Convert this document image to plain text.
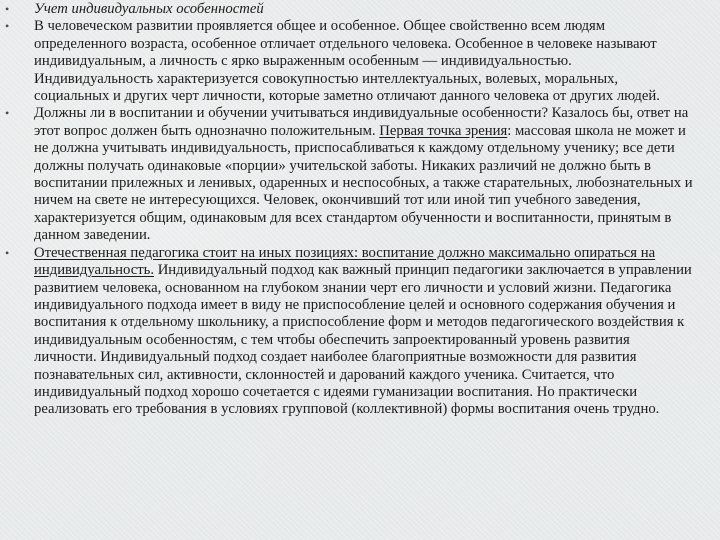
• Учет индивидуальных особенностей
• В человеческом развитии проявляется общее и особенное. Общее свойственно всем людям определенного возраста, особенное отличает отдельного человека. Особенное в человеке называют индивидуальным, а личность с ярко выраженным особенным — индивидуальностью. Индивидуальность характеризуется совокупностью интеллектуальных, волевых, моральных, социальных и других черт личности, которые заметно отличают данного человека от других людей.
• Должны ли в воспитании и обучении учитываться индивидуальные особенности? Казалось бы, ответ на этот вопрос должен быть однозначно положительным. Первая точка зрения: массовая школа не может и не должна учитывать индивидуальность, приспосабливаться к каждому отдельному ученику; все дети должны получать одинаковые «порции» учительской заботы. Никаких различий не должно быть в воспитании прилежных и ленивых, одаренных и неспособных, а также старательных, любознательных и ничем на свете не интересующихся. Человек, окончивший тот или иной тип учебного заведения, характеризуется общим, одинаковым для всех стандартом обученности и воспитанности, принятым в данном заведении.
• Отечественная педагогика стоит на иных позициях: воспитание должно максимально опираться на индивидуальность. Индивидуальный подход как важный принцип педагогики заключается в управлении развитием человека, основанном на глубоком знании черт его личности и условий жизни. Педагогика индивидуального подхода имеет в виду не приспособление целей и основного содержания обучения и воспитания к отдельному школьнику, а приспособление форм и методов педагогического воздействия к индивидуальным особенностям, с тем чтобы обеспечить запроектированный уровень развития личности. Индивидуальный подход создает наиболее благоприятные возможности для развития познавательных сил, активности, склонностей и дарований каждого ученика. Считается, что индивидуальный подход хорошо сочетается с идеями гуманизации воспитания. Но практически реализовать его требования в условиях групповой (коллективной) формы воспитания очень трудно.
